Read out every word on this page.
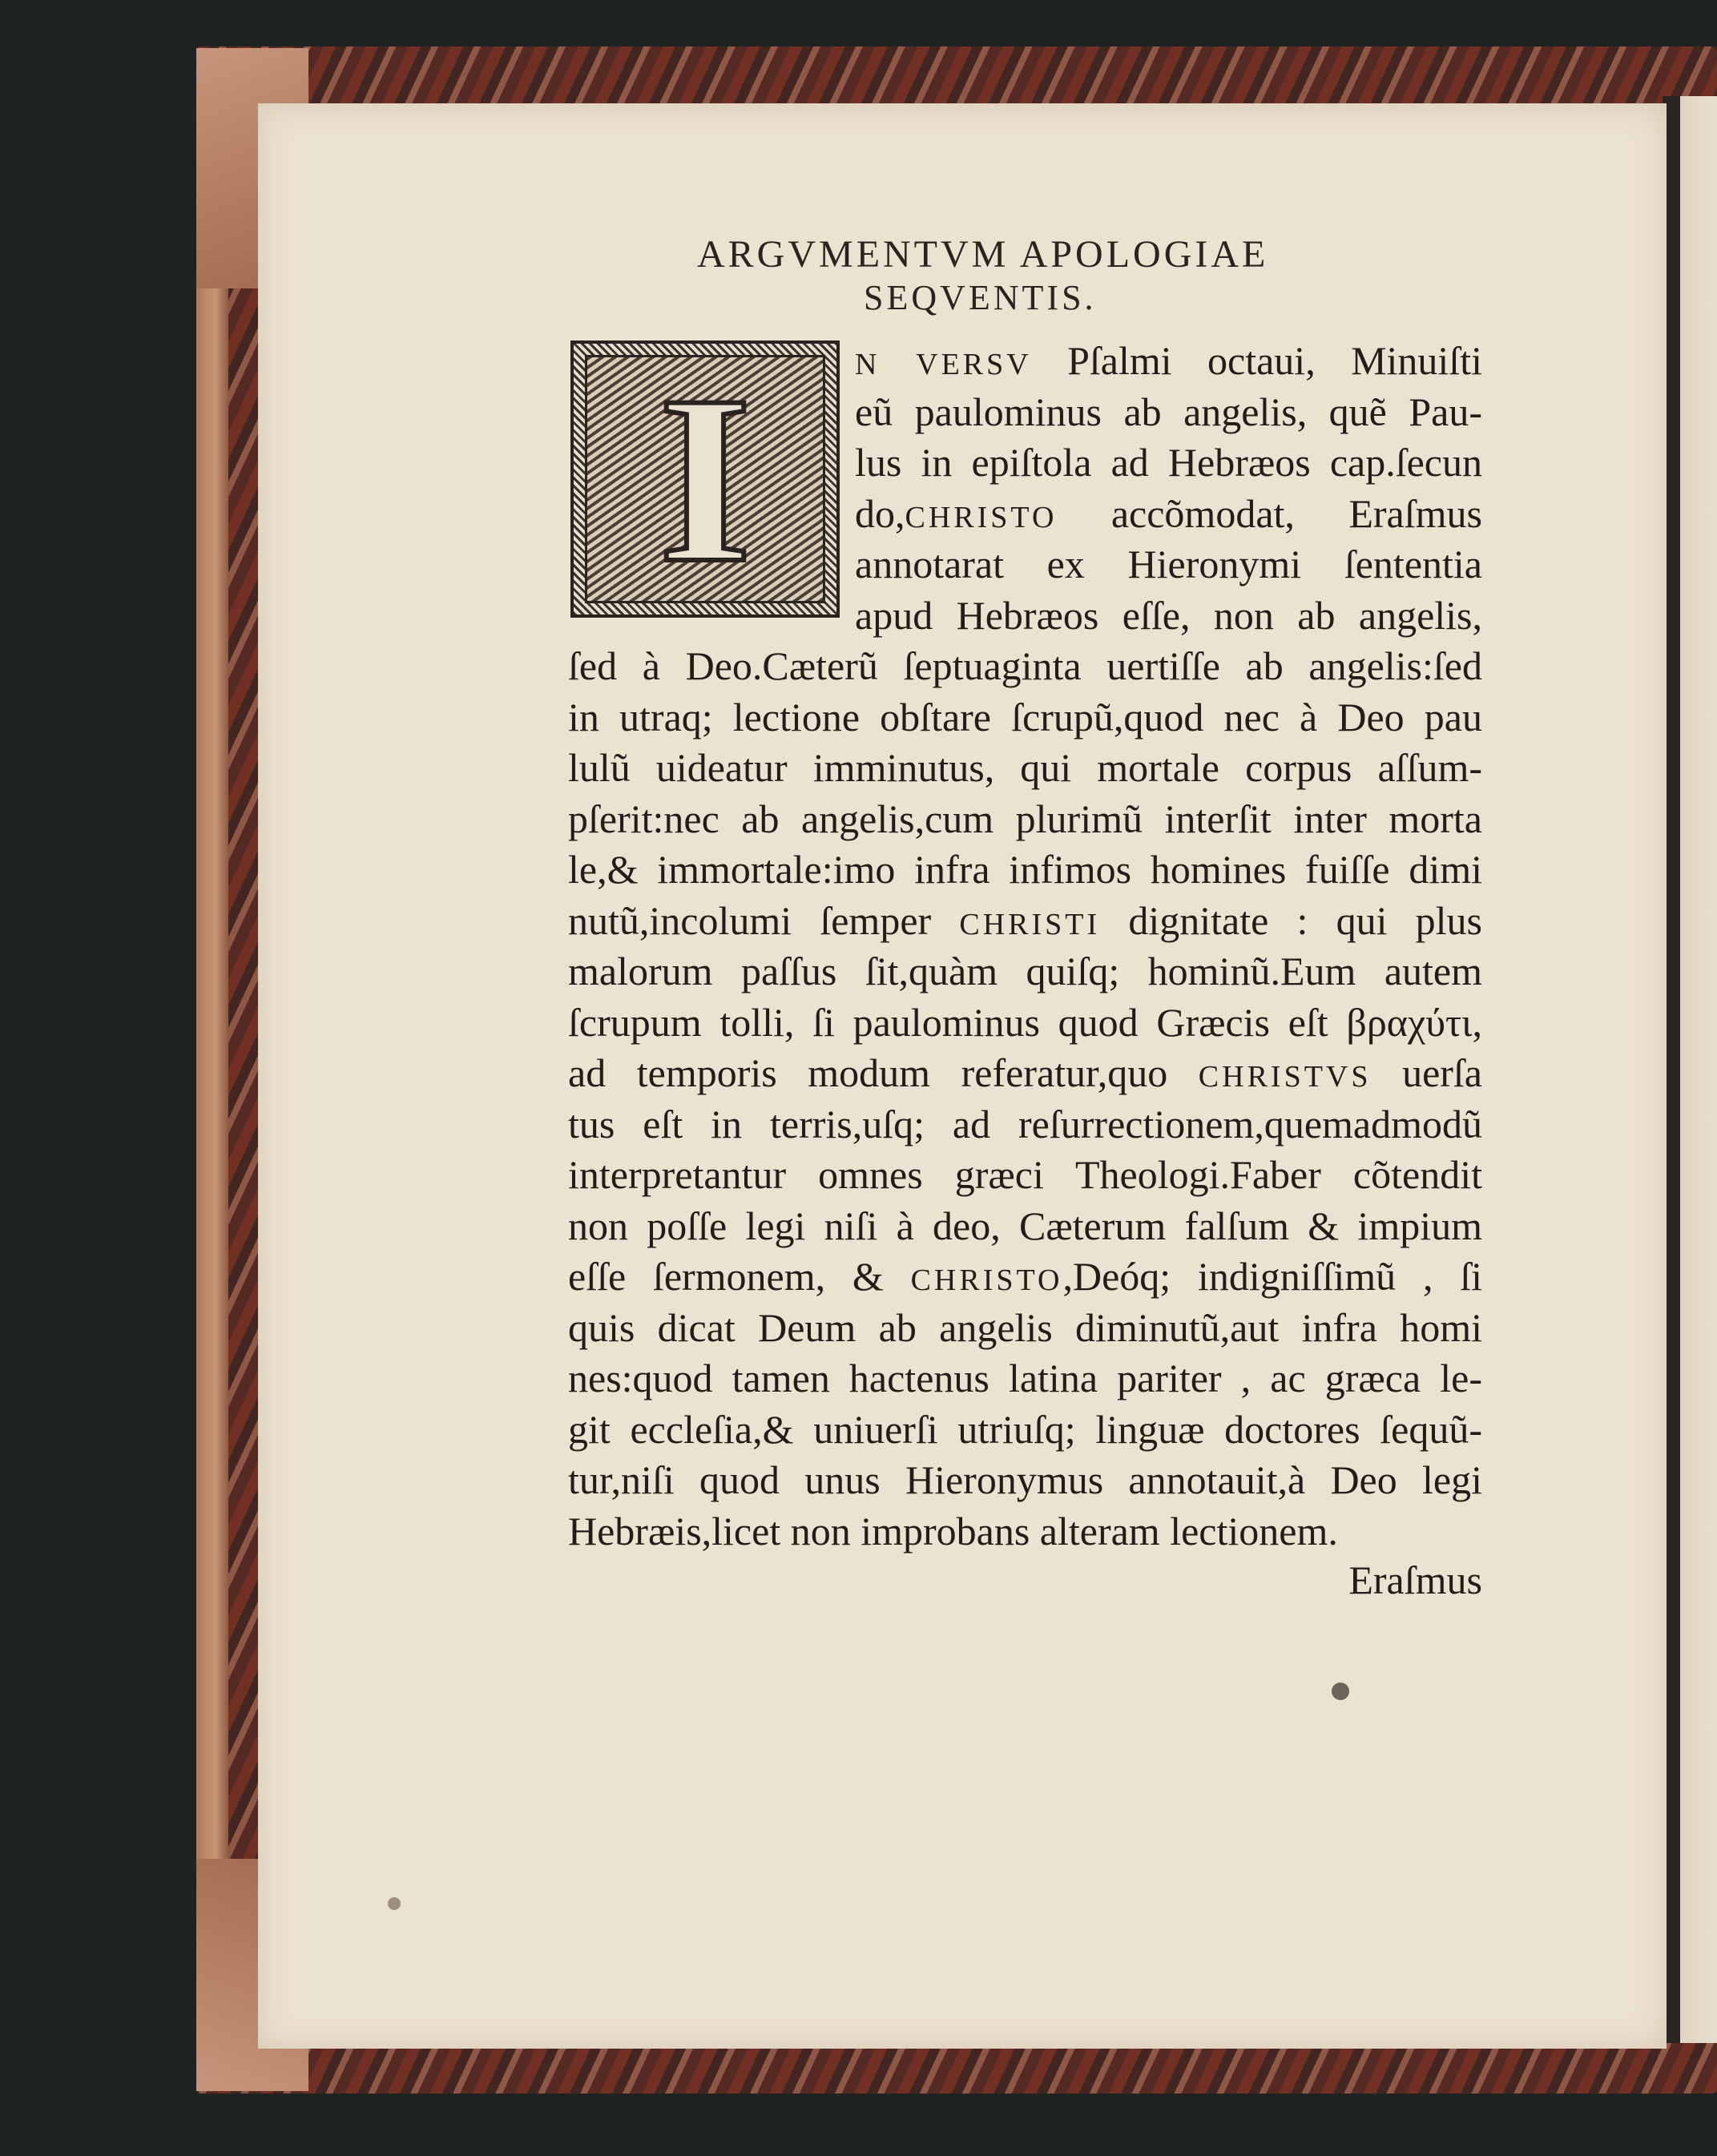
ARGVMENTVM APOLOGIAE
SEQVENTIS.
I	N VERSV Pſalmi octaui, Minuiſti
eũ paulominus ab angelis, quẽ Pau-
lus in epiſtola ad Hebræos cap.ſecun
do,CHRISTO accõmodat, Eraſmus
annotarat ex Hieronymi ſententia
apud Hebræos eſſe, non ab angelis,
ſed à Deo.Cæterũ ſeptuaginta uertiſſe ab angelis:ſed
in utraq; lectione obſtare ſcrupũ,quod nec à Deo pau
lulũ uideatur imminutus, qui mortale corpus aſſum-
pſerit:nec ab angelis,cum plurimũ interſit inter morta
le,& immortale:imo infra infimos homines fuiſſe dimi
nutũ,incolumi ſemper CHRISTI dignitate : qui plus
malorum paſſus ſit,quàm quiſq; hominũ.Eum autem
ſcrupum tolli, ſi paulominus quod Græcis eſt βραχύτι,
ad temporis modum referatur,quo CHRISTVS uerſa
tus eſt in terris,uſq; ad reſurrectionem,quemadmodũ
interpretantur omnes græci Theologi.Faber cõtendit
non poſſe legi niſi à deo, Cæterum falſum & impium
eſſe ſermonem, & CHRISTO,Deóq; indigniſſimũ , ſi
quis dicat Deum ab angelis diminutũ,aut infra homi
nes:quod tamen hactenus latina pariter , ac græca le-
git eccleſia,& uniuerſi utriuſq; linguæ doctores ſequũ-
tur,niſi quod unus Hieronymus annotauit,à Deo legi
Hebræis,licet non improbans alteram lectionem.
Eraſmus
